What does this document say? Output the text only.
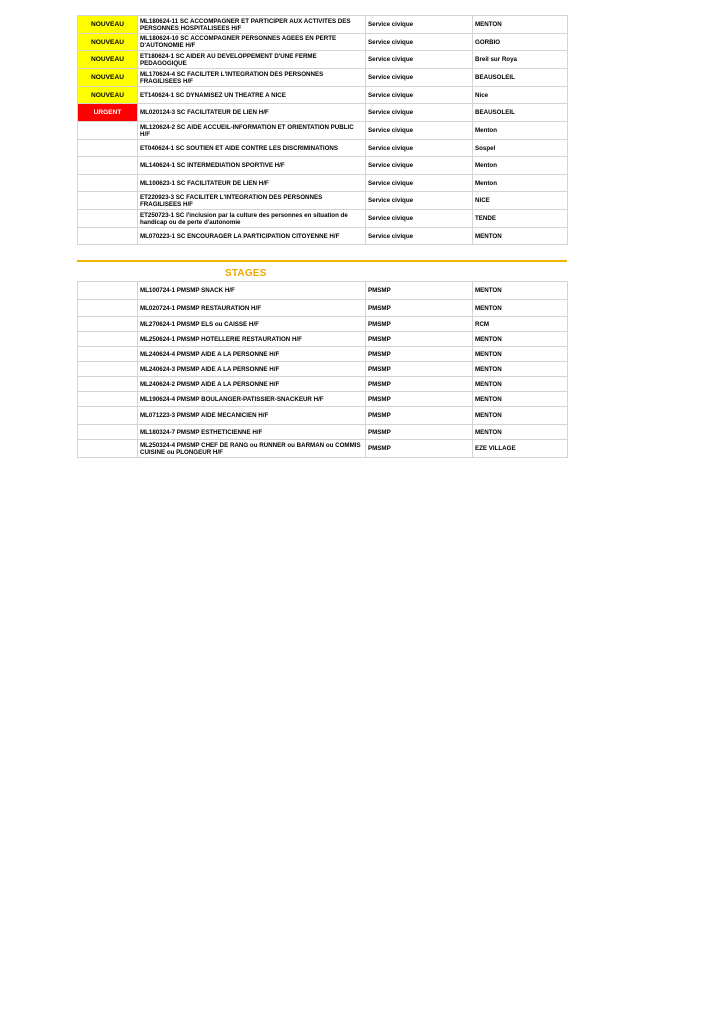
NOUVEAU	ML180624-11 SC ACCOMPAGNER ET PARTICIPER AUX ACTIVITES DES PERSONNES HOSPITALISEES H/F	Service civique	MENTON
NOUVEAU	ML180624-10 SC ACCOMPAGNER PERSONNES AGEES EN PERTE D'AUTONOMIE H/F	Service civique	GORBIO
NOUVEAU	ET180624-1 SC AIDER AU DEVELOPPEMENT D'UNE FERME PEDAGOGIQUE	Service civique	Breil sur Roya
NOUVEAU	ML170624-4 SC FACILITER L'INTEGRATION DES PERSONNES FRAGILISEES H/F	Service civique	BEAUSOLEIL
NOUVEAU	ET140624-1 SC DYNAMISEZ UN THEATRE A NICE	Service civique	Nice
URGENT	ML020124-3 SC FACILITATEUR DE LIEN H/F	Service civique	BEAUSOLEIL
	ML120624-2 SC AIDE ACCUEIL-INFORMATION ET ORIENTATION PUBLIC H/F	Service civique	Menton
	ET040624-1 SC SOUTIEN ET AIDE CONTRE LES DISCRIMINATIONS	Service civique	Sospel
	ML140624-1 SC INTERMEDIATION SPORTIVE H/F	Service civique	Menton
	ML100623-1 SC FACILITATEUR DE LIEN H/F	Service civique	Menton
	ET220923-3 SC FACILITER L'INTEGRATION DES PERSONNES FRAGILISEES H/F	Service civique	NICE
	ET250723-1 SC l'inclusion par la culture des personnes en situation de handicap ou de perte d'autonomie	Service civique	TENDE
	ML070223-1 SC ENCOURAGER LA PARTICIPATION CITOYENNE H/F	Service civique	MENTON
STAGES
	ML100724-1 PMSMP SNACK H/F	PMSMP	MENTON
	ML020724-1 PMSMP RESTAURATION H/F	PMSMP	MENTON
	ML270624-1 PMSMP ELS ou CAISSE H/F	PMSMP	RCM
	ML250624-1 PMSMP HOTELLERIE RESTAURATION H/F	PMSMP	MENTON
	ML240624-4 PMSMP AIDE A LA PERSONNE H/F	PMSMP	MENTON
	ML240624-3 PMSMP AIDE A LA PERSONNE H/F	PMSMP	MENTON
	ML240624-2 PMSMP AIDE A LA PERSONNE H/F	PMSMP	MENTON
	ML190624-4 PMSMP BOULANGER-PATISSIER-SNACKEUR H/F	PMSMP	MENTON
	ML071223-3 PMSMP AIDE MECANICIEN H/F	PMSMP	MENTON
	ML180324-7 PMSMP ESTHETICIENNE H/F	PMSMP	MENTON
	ML250324-4 PMSMP CHEF DE RANG ou RUNNER ou BARMAN ou COMMIS CUISINE ou PLONGEUR H/F	PMSMP	EZE VILLAGE
